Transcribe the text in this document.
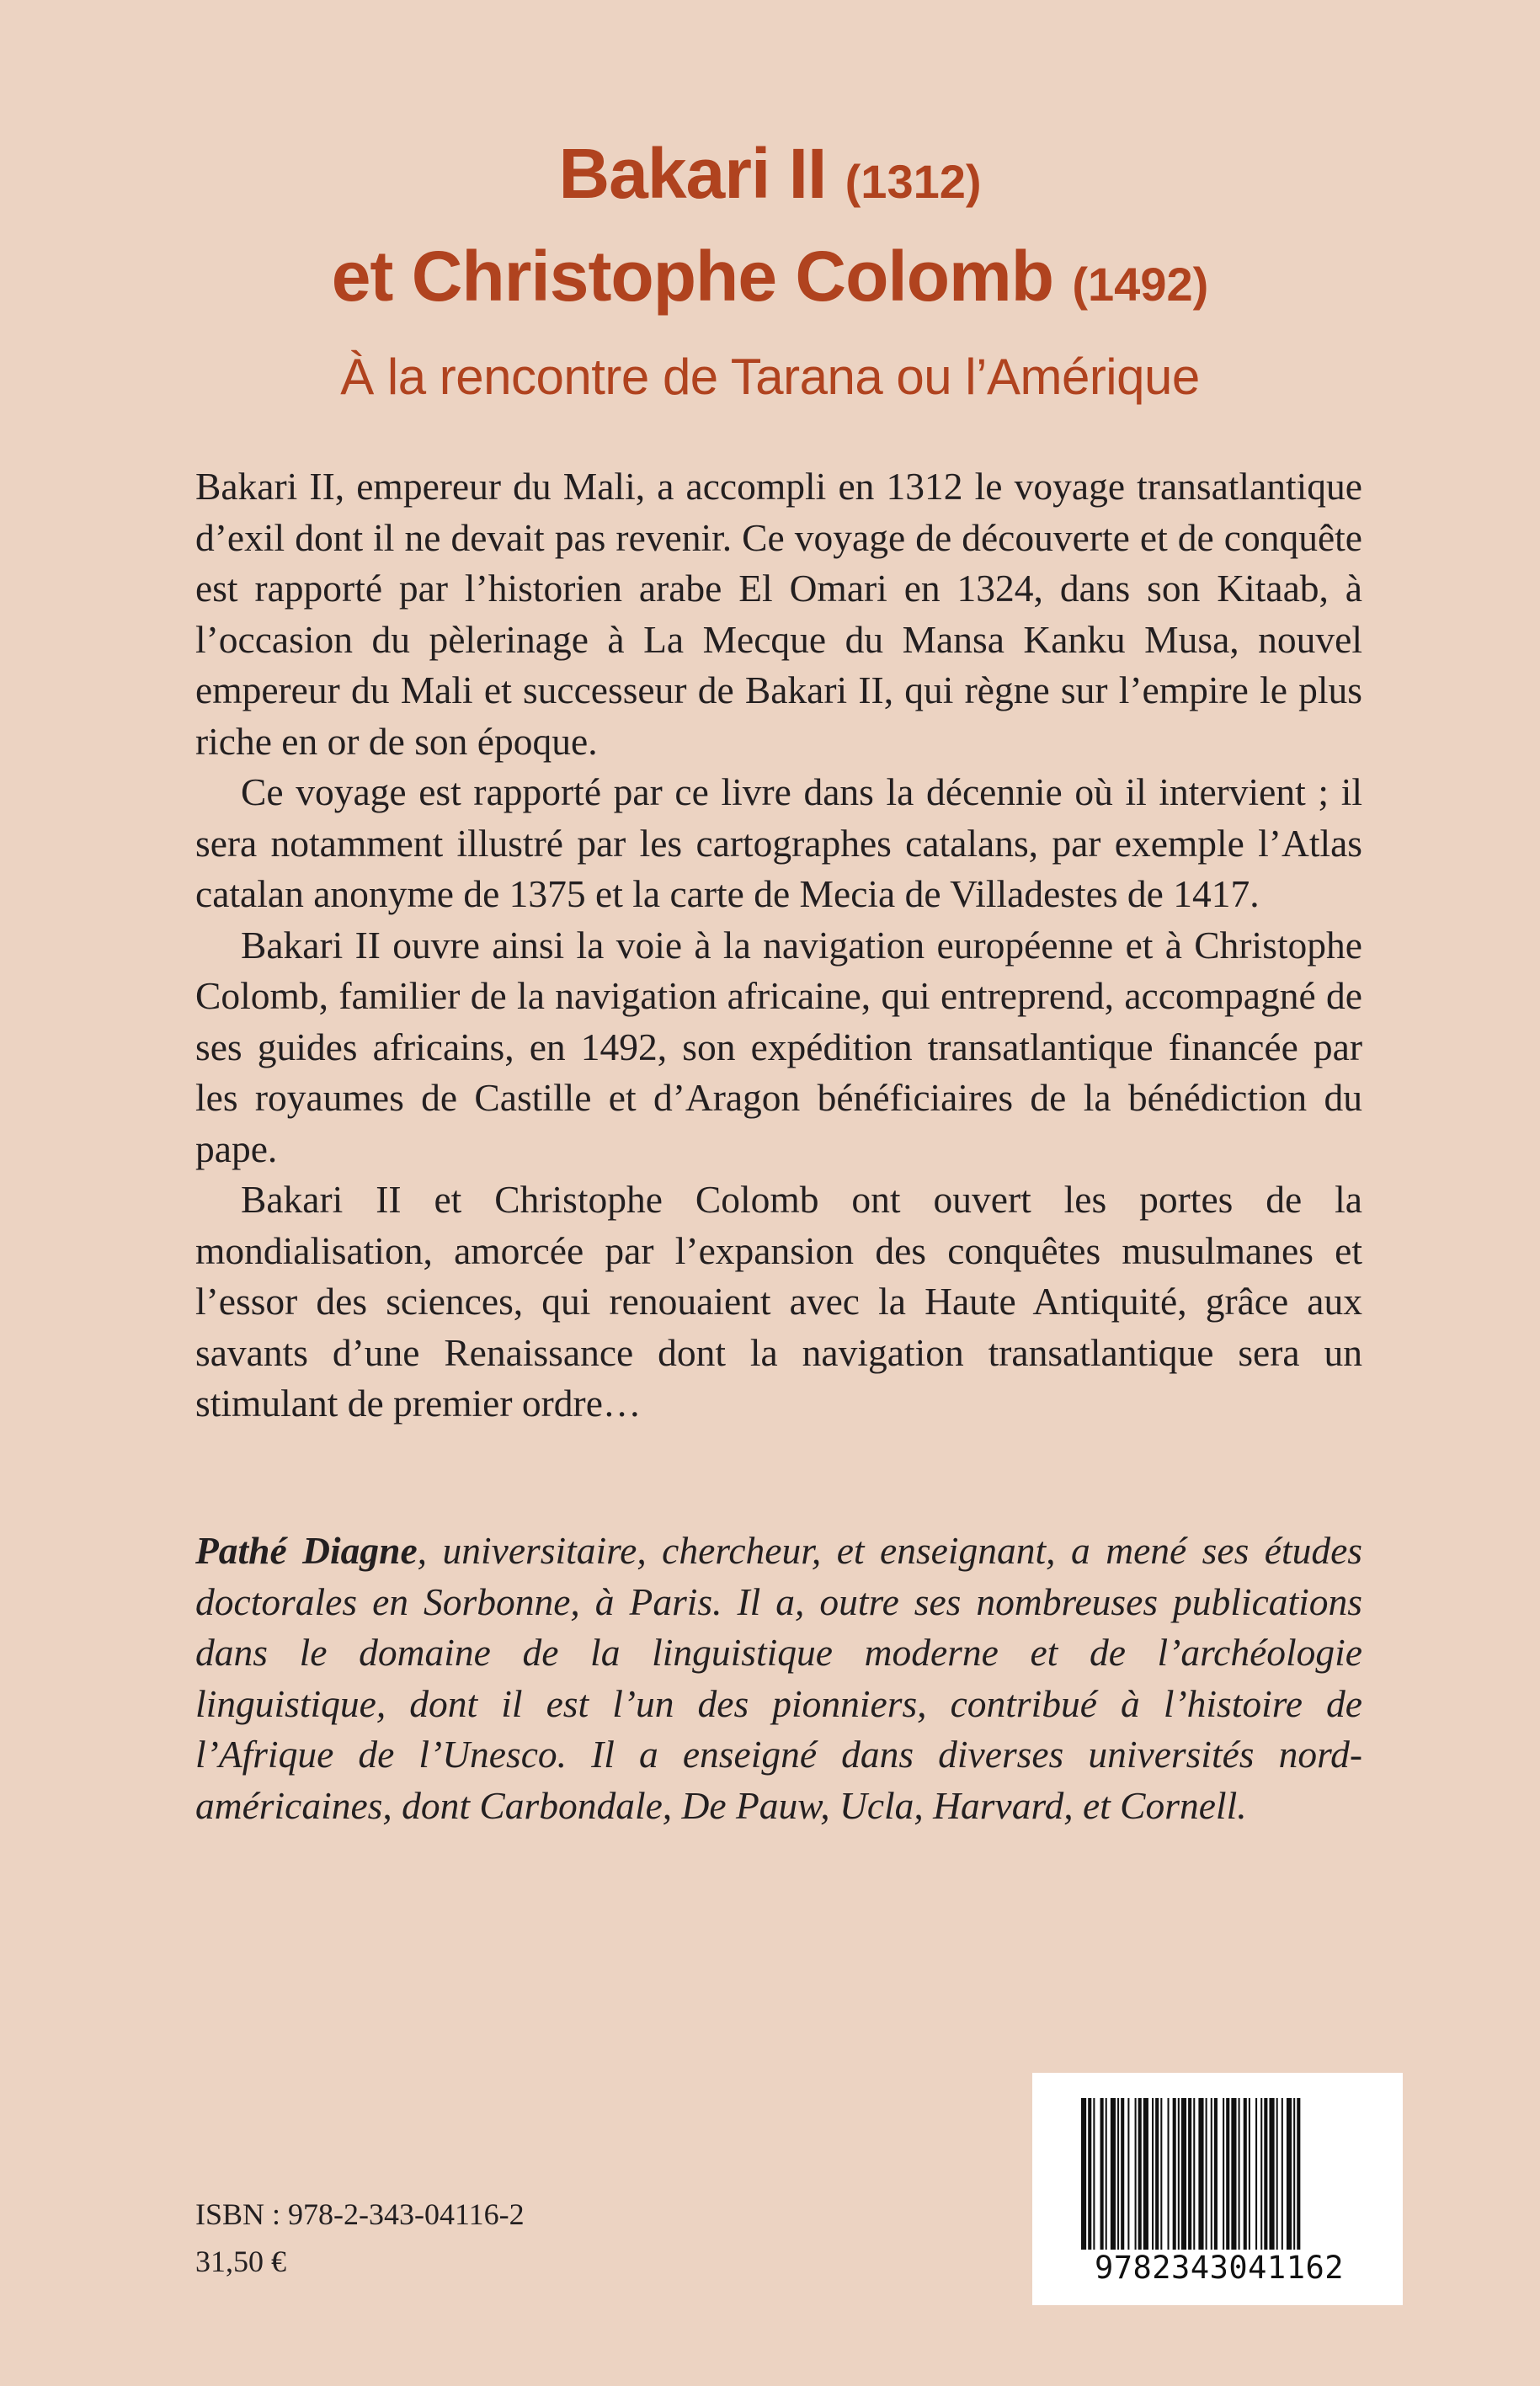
Bakari II (1312)
et Christophe Colomb (1492)
À la rencontre de Tarana ou l’Amérique

Bakari II, empereur du Mali, a accompli en 1312 le voyage transatlantique d’exil dont il ne devait pas revenir. Ce voyage de découverte et de conquête est rapporté par l’historien arabe El Omari en 1324, dans son Kitaab, à l’occasion du pèlerinage à La Mecque du Mansa Kanku Musa, nouvel empereur du Mali et successeur de Bakari II, qui règne sur l’empire le plus riche en or de son époque.

Ce voyage est rapporté par ce livre dans la décennie où il intervient ; il sera notamment illustré par les cartographes catalans, par exemple l’Atlas catalan anonyme de 1375 et la carte de Mecia de Villadestes de 1417.

Bakari II ouvre ainsi la voie à la navigation européenne et à Christophe Colomb, familier de la navigation africaine, qui entreprend, accompagné de ses guides africains, en 1492, son expédition transatlantique financée par les royaumes de Castille et d’Aragon bénéficiaires de la bénédiction du pape.

Bakari II et Christophe Colomb ont ouvert les portes de la mondialisation, amorcée par l’expansion des conquêtes musulmanes et l’essor des sciences, qui renouaient avec la Haute Antiquité, grâce aux savants d’une Renaissance dont la navigation transatlantique sera un stimulant de premier ordre…

Pathé Diagne, universitaire, chercheur, et enseignant, a mené ses études doctorales en Sorbonne, à Paris. Il a, outre ses nombreuses publications dans le domaine de la linguistique moderne et de l’archéologie linguistique, dont il est l’un des pionniers, contribué à l’histoire de l’Afrique de l’Unesco. Il a enseigné dans diverses universités nord-américaines, dont Carbondale, De Pauw, Ucla, Harvard, et Cornell.

ISBN : 978-2-343-04116-2
31,50 €	9782343041162
